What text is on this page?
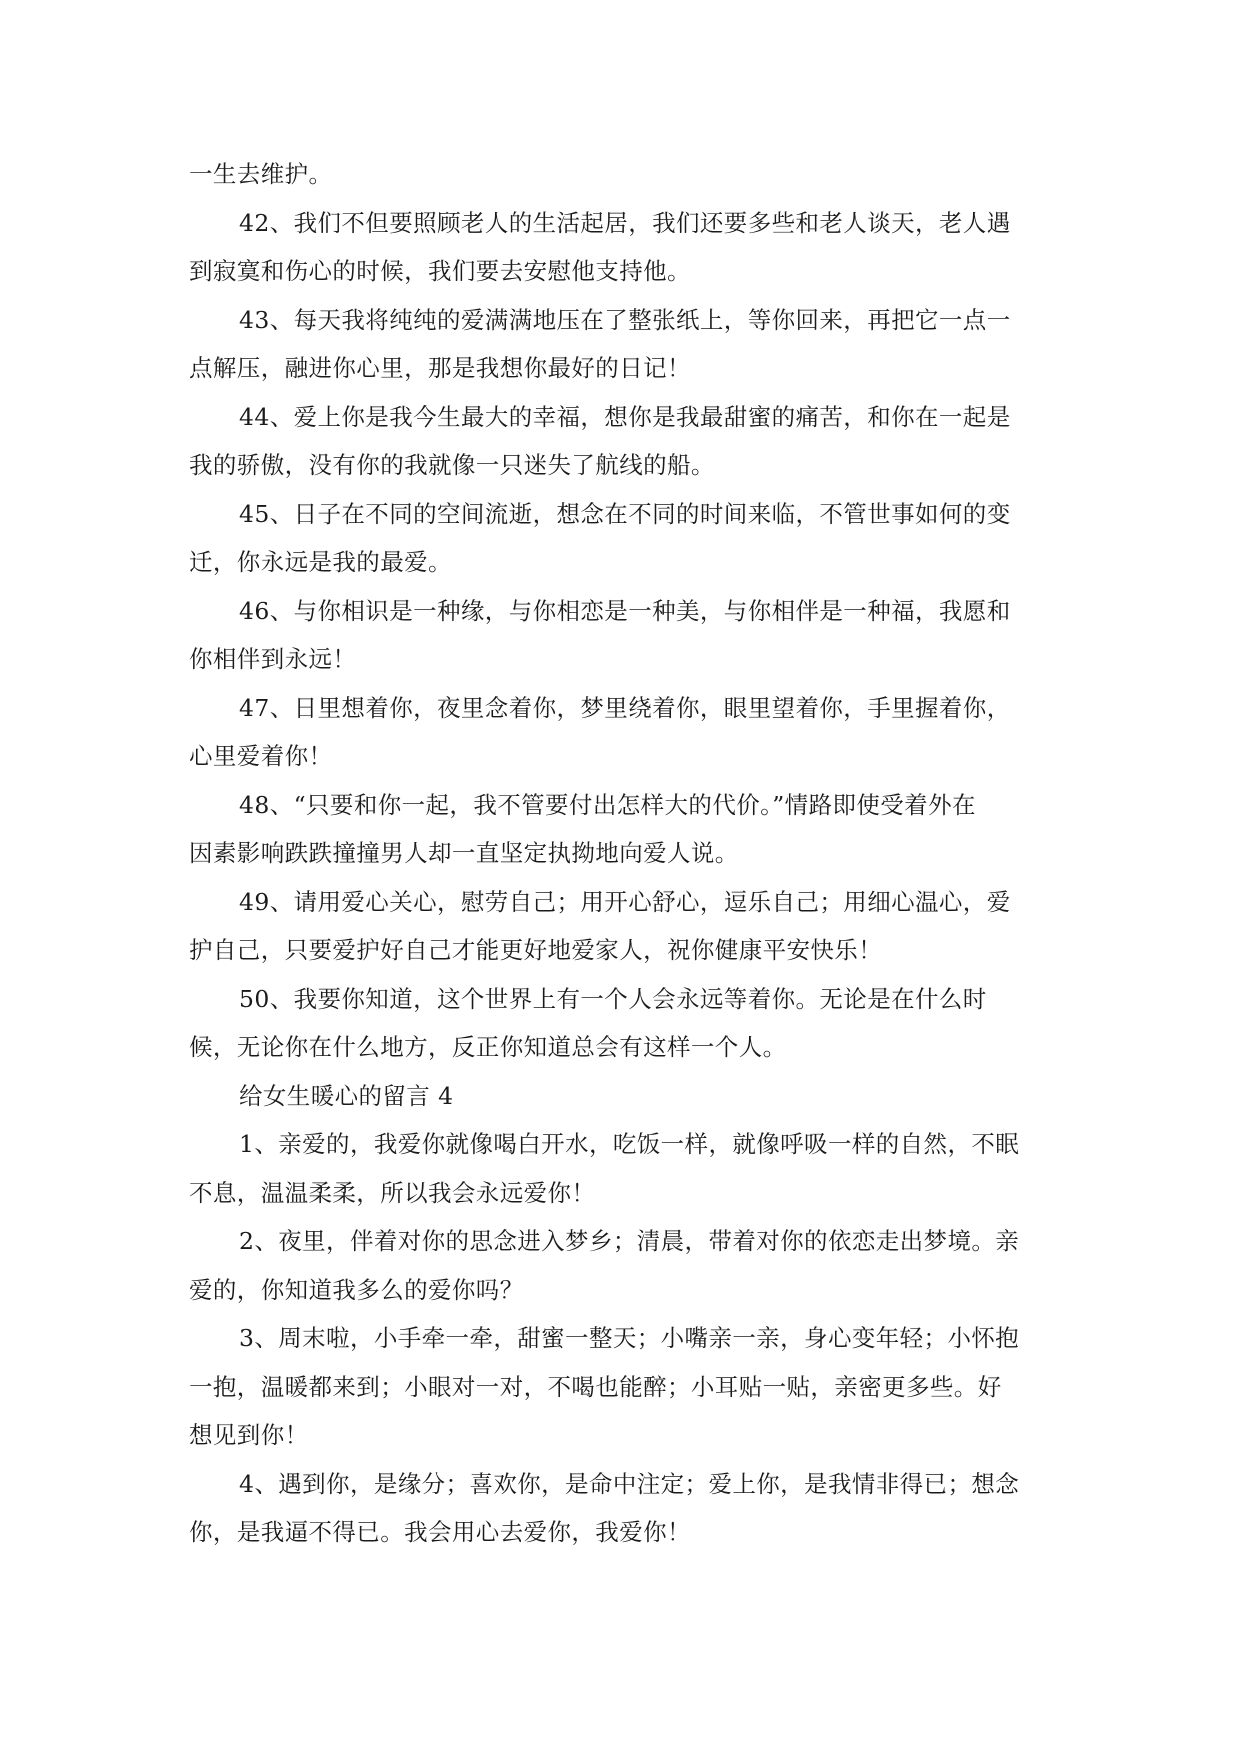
一生去维护。
42、我们不但要照顾老人的生活起居，我们还要多些和老人谈天，老人遇
到寂寞和伤心的时候，我们要去安慰他支持他。
43、每天我将纯纯的爱满满地压在了整张纸上，等你回来，再把它一点一
点解压，融进你心里，那是我想你最好的日记！
44、爱上你是我今生最大的幸福，想你是我最甜蜜的痛苦，和你在一起是
我的骄傲，没有你的我就像一只迷失了航线的船。
45、日子在不同的空间流逝，想念在不同的时间来临，不管世事如何的变
迁，你永远是我的最爱。
46、与你相识是一种缘，与你相恋是一种美，与你相伴是一种福，我愿和
你相伴到永远！
47、日里想着你，夜里念着你，梦里绕着你，眼里望着你，手里握着你，
心里爱着你！
48、“只要和你一起，我不管要付出怎样大的代价。”情路即使受着外在
因素影响跌跌撞撞男人却一直坚定执拗地向爱人说。
49、请用爱心关心，慰劳自己；用开心舒心，逗乐自己；用细心温心，爱
护自己，只要爱护好自己才能更好地爱家人，祝你健康平安快乐！
50、我要你知道，这个世界上有一个人会永远等着你。无论是在什么时
候，无论你在什么地方，反正你知道总会有这样一个人。
给女生暖心的留言 4
1、亲爱的，我爱你就像喝白开水，吃饭一样，就像呼吸一样的自然，不眠
不息，温温柔柔，所以我会永远爱你！
2、夜里，伴着对你的思念进入梦乡；清晨，带着对你的依恋走出梦境。亲
爱的，你知道我多么的爱你吗？
3、周末啦，小手牵一牵，甜蜜一整天；小嘴亲一亲，身心变年轻；小怀抱
一抱，温暖都来到；小眼对一对，不喝也能醉；小耳贴一贴，亲密更多些。好
想见到你！
4、遇到你，是缘分；喜欢你，是命中注定；爱上你，是我情非得已；想念
你，是我逼不得已。我会用心去爱你，我爱你！
